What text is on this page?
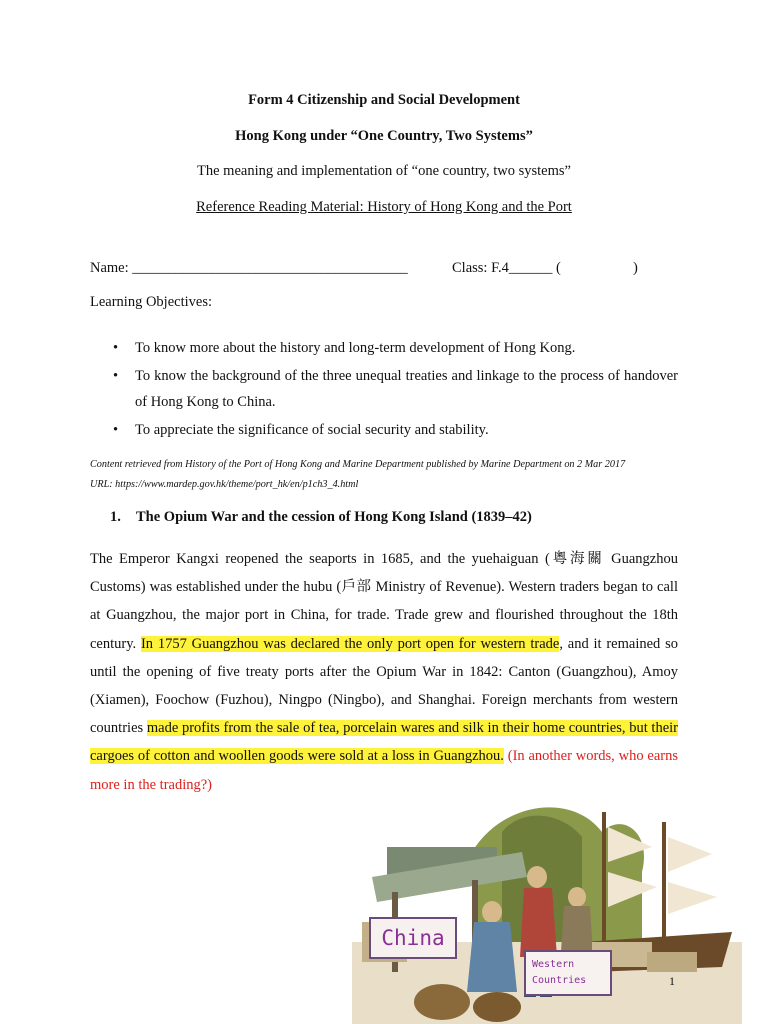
Form 4 Citizenship and Social Development
Hong Kong under “One Country, Two Systems”
The meaning and implementation of “one country, two systems”
Reference Reading Material: History of Hong Kong and the Port
Name: ______________________________________	Class: F.4______ (	)
Learning Objectives:
• To know more about the history and long-term development of Hong Kong.
• To know the background of the three unequal treaties and linkage to the process of handover of Hong Kong to China.
• To appreciate the significance of social security and stability.
Content retrieved from History of the Port of Hong Kong and Marine Department published by Marine Department on 2 Mar 2017
URL: https://www.mardep.gov.hk/theme/port_hk/en/p1ch3_4.html
1. The Opium War and the cession of Hong Kong Island (1839–42)
The Emperor Kangxi reopened the seaports in 1685, and the yuehaiguan (粵海關 Guangzhou Customs) was established under the hubu (戶部 Ministry of Revenue). Western traders began to call at Guangzhou, the major port in China, for trade. Trade grew and flourished throughout the 18th century. In 1757 Guangzhou was declared the only port open for western trade, and it remained so until the opening of five treaty ports after the Opium War in 1842: Canton (Guangzhou), Amoy (Xiamen), Foochow (Fuzhou), Ningpo (Ningbo), and Shanghai. Foreign merchants from western countries made profits from the sale of tea, porcelain wares and silk in their home countries, but their cargoes of cotton and woollen goods were sold at a loss in Guangzhou. (In another words, who earns more in the trading?)
China
Western
Countries	1
